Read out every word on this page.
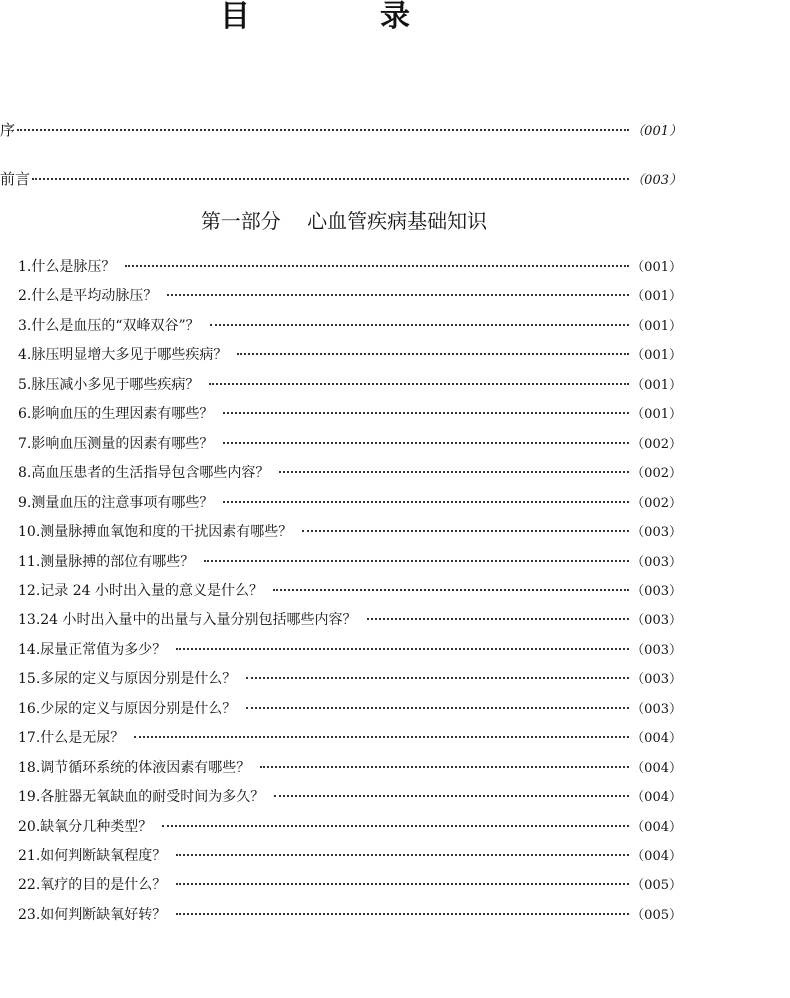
目　录
序	（001）
前言	（003）
第一部分 心血管疾病基础知识
1.什么是脉压？	（001）
2.什么是平均动脉压？	（001）
3.什么是血压的“双峰双谷”？	（001）
4.脉压明显增大多见于哪些疾病？	（001）
5.脉压减小多见于哪些疾病？	（001）
6.影响血压的生理因素有哪些？	（001）
7.影响血压测量的因素有哪些？	（002）
8.高血压患者的生活指导包含哪些内容？	（002）
9.测量血压的注意事项有哪些？	（002）
10.测量脉搏血氧饱和度的干扰因素有哪些？	（003）
11.测量脉搏的部位有哪些？	（003）
12.记录 24 小时出入量的意义是什么？	（003）
13.24 小时出入量中的出量与入量分别包括哪些内容？	（003）
14.尿量正常值为多少？	（003）
15.多尿的定义与原因分别是什么？	（003）
16.少尿的定义与原因分别是什么？	（003）
17.什么是无尿？	（004）
18.调节循环系统的体液因素有哪些？	（004）
19.各脏器无氧缺血的耐受时间为多久？	（004）
20.缺氧分几种类型？	（004）
21.如何判断缺氧程度？	（004）
22.氧疗的目的是什么？	（005）
23.如何判断缺氧好转？	（005）
